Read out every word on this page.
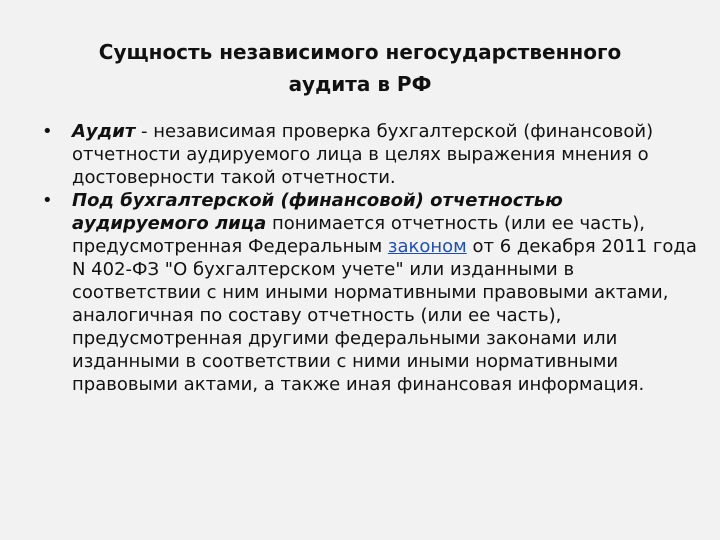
Сущность независимого негосударственного
аудита в РФ
• Аудит - независимая проверка бухгалтерской (финансовой) отчетности аудируемого лица в целях выражения мнения о достоверности такой отчетности.
• Под бухгалтерской (финансовой) отчетностью аудируемого лица понимается отчетность (или ее часть), предусмотренная Федеральным законом от 6 декабря 2011 года N 402-ФЗ "О бухгалтерском учете" или изданными в соответствии с ним иными нормативными правовыми актами, аналогичная по составу отчетность (или ее часть), предусмотренная другими федеральными законами или изданными в соответствии с ними иными нормативными правовыми актами, а также иная финансовая информация.
